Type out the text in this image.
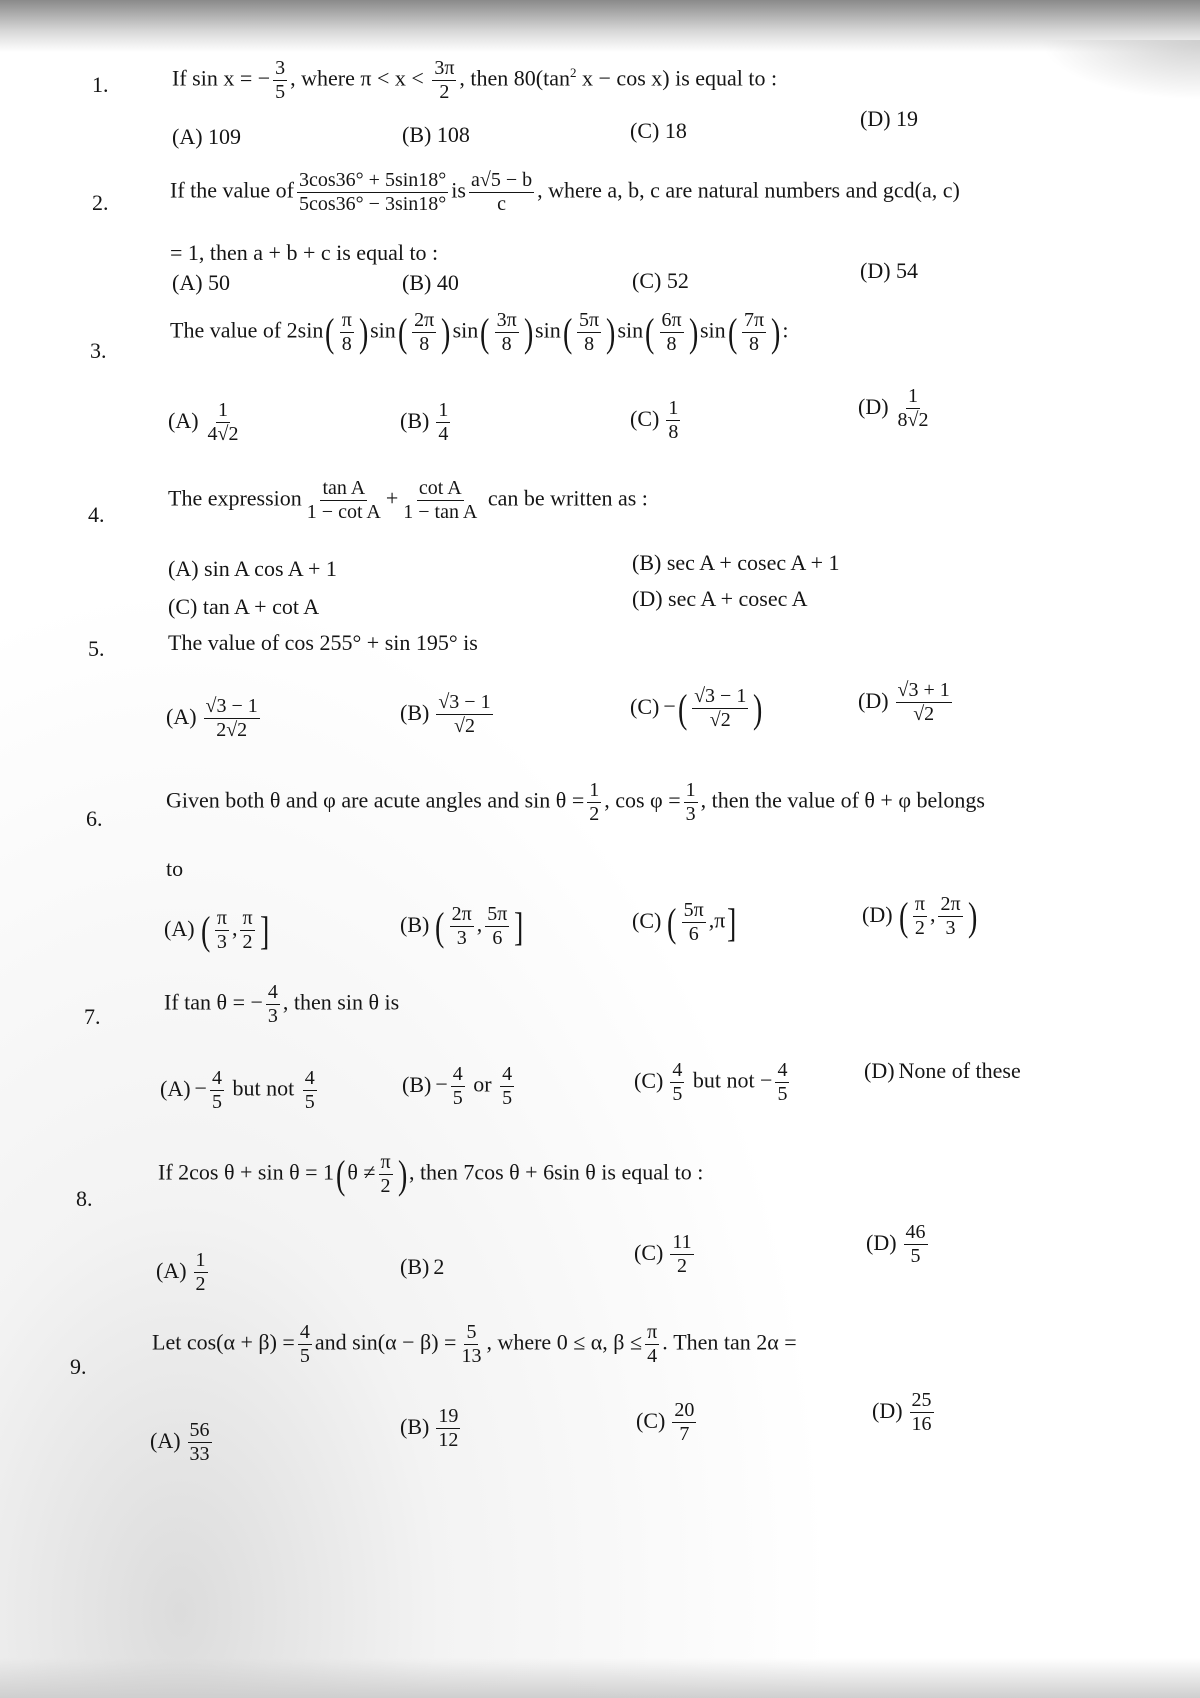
1.	If sin x = − $\frac{3}{5}$ , where $\pi < x < \frac{3\pi}{2}$ , then $80(\tan^2$ x − cos x) is equal to :
(A) 109	(B) 108	(C) 18	(D) 19
2.	If the value of $\frac{3\cos 36^\circ + 5\sin 18^\circ}{5\cos 36^\circ - 3\sin 18^\circ}$ is $\frac{a√5 - b}{c}$ , where a, b, c are natural numbers and gcd(a, c)
= 1, then a + b + c is equal to :
(A) 50	(B) 40	(C) 52	(D) 54
3.
The value of $2\sin( \frac{\pi}{8} )\sin( \frac{2\pi}{8} )\sin( \frac{3\pi}{8} )\sin( \frac{5\pi}{8} )\sin( \frac{6\pi}{8} )\sin( \frac{7\pi}{8}$ ):
$(A) \frac{1}{4√2}$	$(B) \frac{1}{4}$	$(C) \frac{1}{8}$	$(D) \frac{1}{8√2}$
4.
The expression $\frac{\text{tan A}}{\text{1 − cot A}} + \frac{\text{cot A}}{\text{1 − tan A}}$ can be written as :
(A) sin A cos A + 1	(B) sec A + cosec A + 1
(C) tan A + cot A	(D) sec A + cosec A
5.	The value of cos 255° + sin 195° is
$(A) \frac{√3 - 1}{2√2}$	$(B) \frac{√3 - 1}{√2}$	(C) −( $\frac{√3 - 1}{√2}$ )	$(D) \frac{√3 + 1}{√2}$
6.
Given both θ and φ are acute angles and $\sin \theta = \frac{1}{2}$ , $\cos \varphi = \frac{1}{3}$ , then the value of θ + φ belongs
to
(A) ( $\frac{\pi}{3}$ , $\frac{\pi}{2}$ ]	(B) ( $\frac{2\pi}{3}$ , $\frac{5\pi}{6}$ ]	(C) ( $\frac{5\pi}{6} ,\pi$]	(D) ( $\frac{\pi}{2}$ , $\frac{2\pi}{3}$ )
7.
If tan θ = − $\frac{4}{3}$ , then sin θ is
$(A) - \frac{4}{5}$ but not $\frac{4}{5}$	$(B) - \frac{4}{5}$ or $\frac{4}{5}$	$(C) \frac{4}{5}$ but not − $\frac{4}{5}$	(D) None of these
8.
If 2cos $\theta + \sin \theta = 1(\theta \ne \frac{\pi}{2}$ ), then 7cos θ + 6sin θ is equal to :
$(A) \frac{1}{2}$	(B) 2
$(C) \frac{11}{2}$	$(D) \frac{46}{5}$
9.
Let $\cos(\alpha + \beta) = \frac{4}{5}$ and $\sin(\alpha - \beta) = \frac{5}{13}$ , where 0 ≤ α, $\beta \le \frac{\pi}{4}$ . Then tan 2α =
$(A) \frac{56}{33}$	$(B) \frac{19}{12}$	$(C) \frac{20}{7}$	$(D) \frac{25}{16}$
